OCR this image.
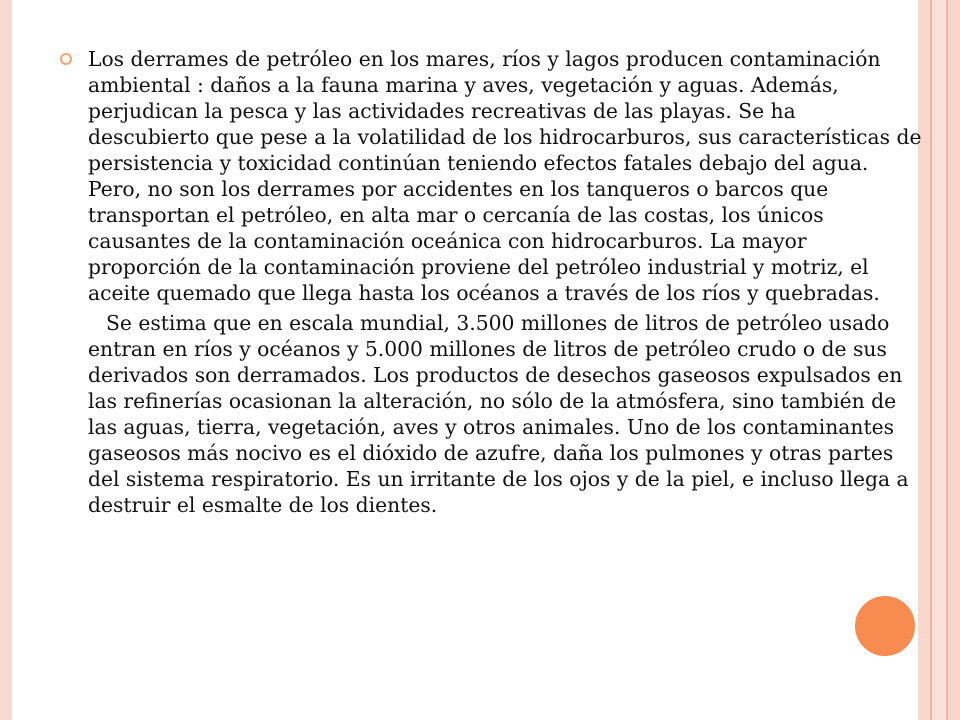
Los derrames de petróleo en los mares, ríos y lagos producen contaminación ambiental : daños a la fauna marina y aves, vegetación y aguas. Además, perjudican la pesca y las actividades recreativas de las playas. Se ha descubierto que pese a la volatilidad de los hidrocarburos, sus características de persistencia y toxicidad continúan teniendo efectos fatales debajo del agua. Pero, no son los derrames por accidentes en los tanqueros o barcos que transportan el petróleo, en alta mar o cercanía de las costas, los únicos causantes de la contaminación oceánica con hidrocarburos. La mayor proporción de la contaminación proviene del petróleo industrial y motriz, el aceite quemado que llega hasta los océanos a través de los ríos y quebradas.

Se estima que en escala mundial, 3.500 millones de litros de petróleo usado entran en ríos y océanos y 5.000 millones de litros de petróleo crudo o de sus derivados son derramados. Los productos de desechos gaseosos expulsados en las refinerías ocasionan la alteración, no sólo de la atmósfera, sino también de las aguas, tierra, vegetación, aves y otros animales. Uno de los contaminantes gaseosos más nocivo es el dióxido de azufre, daña los pulmones y otras partes del sistema respiratorio. Es un irritante de los ojos y de la piel, e incluso llega a destruir el esmalte de los dientes.
